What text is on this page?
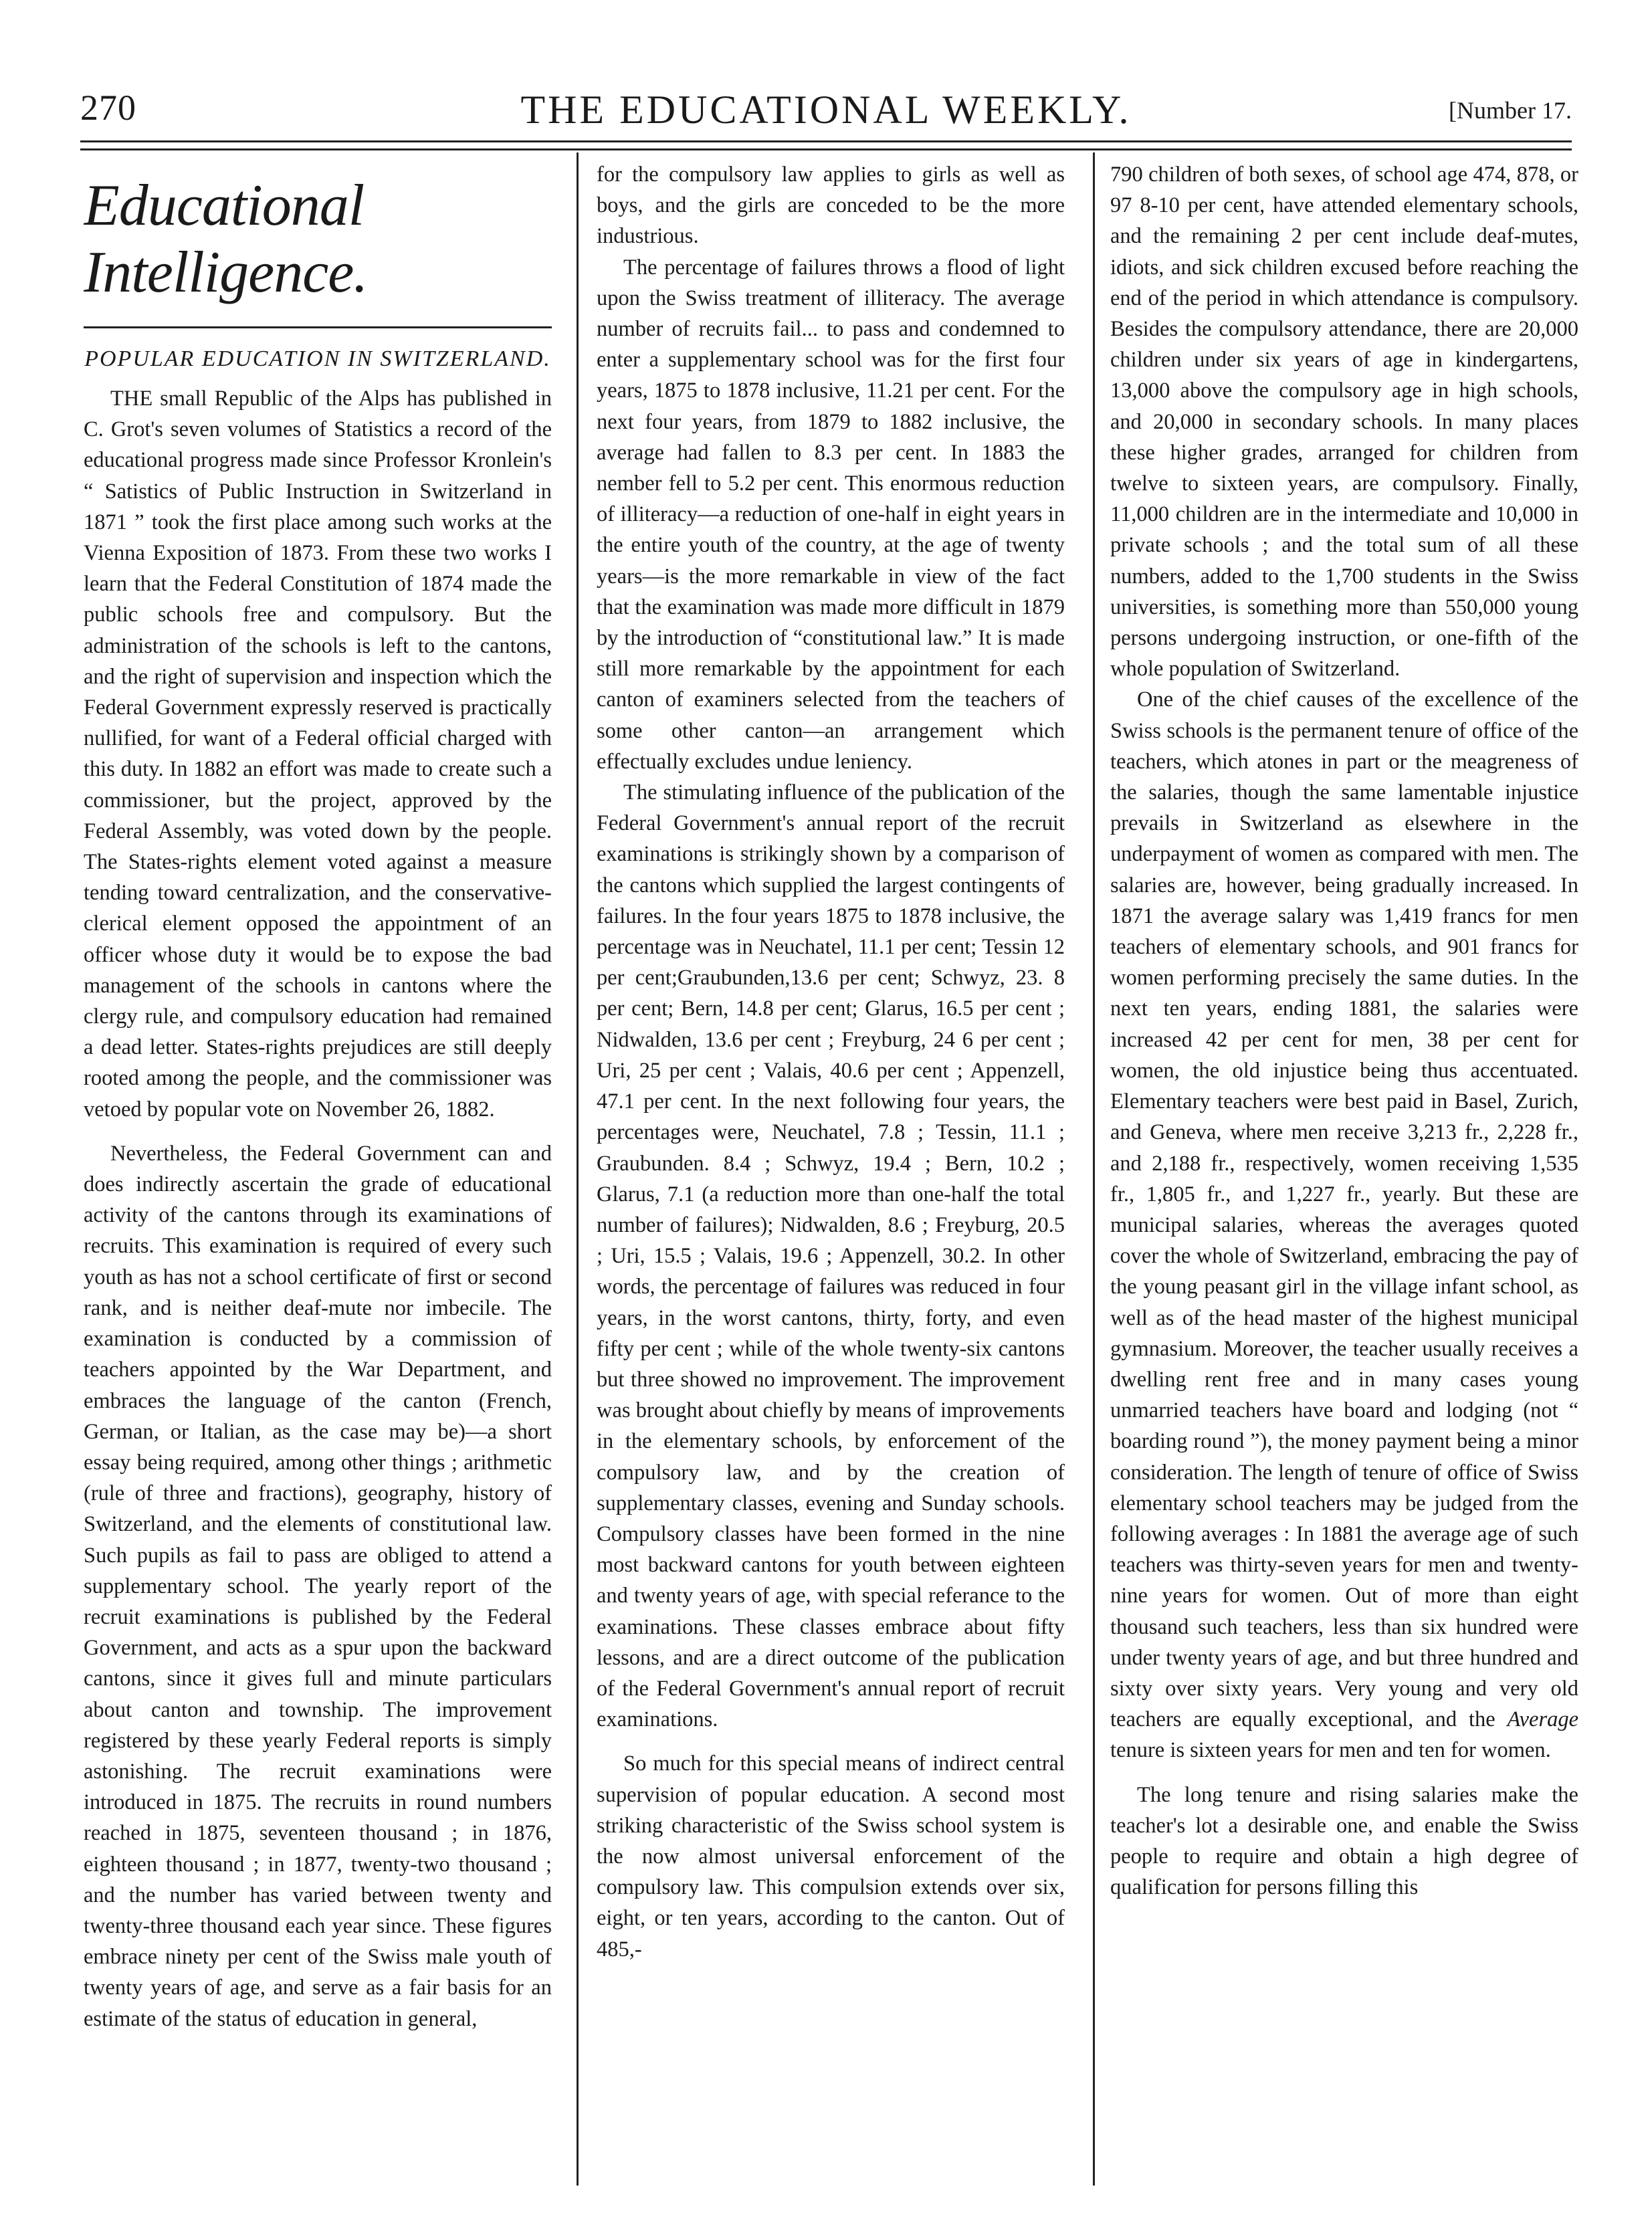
270	THE EDUCATIONAL WEEKLY.	[Number 17.
Educational Intelligence.
POPULAR EDUCATION IN SWITZERLAND.

THE small Republic of the Alps has published in C. Grot's seven volumes of Statistics a record of the educational progress made since Professor Kronlein's “ Satistics of Public Instruction in Switzerland in 1871 ” took the first place among such works at the Vienna Exposition of 1873. From these two works I learn that the Federal Constitution of 1874 made the public schools free and compulsory. But the administration of the schools is left to the cantons, and the right of supervision and inspection which the Federal Government expressly reserved is practically nullified, for want of a Federal official charged with this duty. In 1882 an effort was made to create such a commissioner, but the project, approved by the Federal Assembly, was voted down by the people. The States-rights element voted against a measure tending toward centralization, and the conservative-clerical element opposed the appointment of an officer whose duty it would be to expose the bad management of the schools in cantons where the clergy rule, and compulsory education had remained a dead letter. States-rights prejudices are still deeply rooted among the people, and the commissioner was vetoed by popular vote on November 26, 1882.

Nevertheless, the Federal Government can and does indirectly ascertain the grade of educational activity of the cantons through its examinations of recruits. This examination is required of every such youth as has not a school certificate of first or second rank, and is neither deaf-mute nor imbecile. The examination is conducted by a commission of teachers appointed by the War Department, and embraces the language of the canton (French, German, or Italian, as the case may be)—a short essay being required, among other things ; arithmetic (rule of three and fractions), geography, history of Switzerland, and the elements of constitutional law. Such pupils as fail to pass are obliged to attend a supplementary school. The yearly report of the recruit examinations is published by the Federal Government, and acts as a spur upon the backward cantons, since it gives full and minute particulars about canton and township. The improvement registered by these yearly Federal reports is simply astonishing. The recruit examinations were introduced in 1875. The recruits in round numbers reached in 1875, seventeen thousand ; in 1876, eighteen thousand ; in 1877, twenty-two thousand ; and the number has varied between twenty and twenty-three thousand each year since. These figures embrace ninety per cent of the Swiss male youth of twenty years of age, and serve as a fair basis for an estimate of the status of education in general,

for the compulsory law applies to girls as well as boys, and the girls are conceded to be the more industrious.

The percentage of failures throws a flood of light upon the Swiss treatment of illiteracy. The average number of recruits fail... to pass and condemned to enter a supplementary school was for the first four years, 1875 to 1878 inclusive, 11.21 per cent. For the next four years, from 1879 to 1882 inclusive, the average had fallen to 8.3 per cent. In 1883 the nember fell to 5.2 per cent. This enormous reduction of illiteracy—a reduction of one-half in eight years in the entire youth of the country, at the age of twenty years—is the more remarkable in view of the fact that the examination was made more difficult in 1879 by the introduction of “constitutional law.” It is made still more remarkable by the appointment for each canton of examiners selected from the teachers of some other canton—an arrangement which effectually excludes undue leniency.

The stimulating influence of the publication of the Federal Government's annual report of the recruit examinations is strikingly shown by a comparison of the cantons which supplied the largest contingents of failures. In the four years 1875 to 1878 inclusive, the percentage was in Neuchatel, 11.1 per cent; Tessin 12 per cent;Graubunden,13.6 per cent; Schwyz, 23. 8 per cent; Bern, 14.8 per cent; Glarus, 16.5 per cent ; Nidwalden, 13.6 per cent ; Freyburg, 24 6 per cent ; Uri, 25 per cent ; Valais, 40.6 per cent ; Appenzell, 47.1 per cent. In the next following four years, the percentages were, Neuchatel, 7.8 ; Tessin, 11.1 ; Graubunden. 8.4 ; Schwyz, 19.4 ; Bern, 10.2 ; Glarus, 7.1 (a reduction more than one-half the total number of failures); Nidwalden, 8.6 ; Freyburg, 20.5 ; Uri, 15.5 ; Valais, 19.6 ; Appenzell, 30.2. In other words, the percentage of failures was reduced in four years, in the worst cantons, thirty, forty, and even fifty per cent ; while of the whole twenty-six cantons but three showed no improvement. The improvement was brought about chiefly by means of improvements in the elementary schools, by enforcement of the compulsory law, and by the creation of supplementary classes, evening and Sunday schools. Compulsory classes have been formed in the nine most backward cantons for youth between eighteen and twenty years of age, with special referance to the examinations. These classes embrace about fifty lessons, and are a direct outcome of the publication of the Federal Government's annual report of recruit examinations.

So much for this special means of indirect central supervision of popular education. A second most striking characteristic of the Swiss school system is the now almost universal enforcement of the compulsory law. This compulsion extends over six, eight, or ten years, according to the canton. Out of 485,-

790 children of both sexes, of school age 474, 878, or 97 8-10 per cent, have attended elementary schools, and the remaining 2 per cent include deaf-mutes, idiots, and sick children excused before reaching the end of the period in which attendance is compulsory. Besides the compulsory attendance, there are 20,000 children under six years of age in kindergartens, 13,000 above the compulsory age in high schools, and 20,000 in secondary schools. In many places these higher grades, arranged for children from twelve to sixteen years, are compulsory. Finally, 11,000 children are in the intermediate and 10,000 in private schools ; and the total sum of all these numbers, added to the 1,700 students in the Swiss universities, is something more than 550,000 young persons undergoing instruction, or one-fifth of the whole population of Switzerland.

One of the chief causes of the excellence of the Swiss schools is the permanent tenure of office of the teachers, which atones in part or the meagreness of the salaries, though the same lamentable injustice prevails in Switzerland as elsewhere in the underpayment of women as compared with men. The salaries are, however, being gradually increased. In 1871 the average salary was 1,419 francs for men teachers of elementary schools, and 901 francs for women performing precisely the same duties. In the next ten years, ending 1881, the salaries were increased 42 per cent for men, 38 per cent for women, the old injustice being thus accentuated. Elementary teachers were best paid in Basel, Zurich, and Geneva, where men receive 3,213 fr., 2,228 fr., and 2,188 fr., respectively, women receiving 1,535 fr., 1,805 fr., and 1,227 fr., yearly. But these are municipal salaries, whereas the averages quoted cover the whole of Switzerland, embracing the pay of the young peasant girl in the village infant school, as well as of the head master of the highest municipal gymnasium. Moreover, the teacher usually receives a dwelling rent free and in many cases young unmarried teachers have board and lodging (not “ boarding round ”), the money payment being a minor consideration. The length of tenure of office of Swiss elementary school teachers may be judged from the following averages : In 1881 the average age of such teachers was thirty-seven years for men and twenty-nine years for women. Out of more than eight thousand such teachers, less than six hundred were under twenty years of age, and but three hundred and sixty over sixty years. Very young and very old teachers are equally exceptional, and the Average tenure is sixteen years for men and ten for women.

The long tenure and rising salaries make the teacher's lot a desirable one, and enable the Swiss people to require and obtain a high degree of qualification for persons filling this
